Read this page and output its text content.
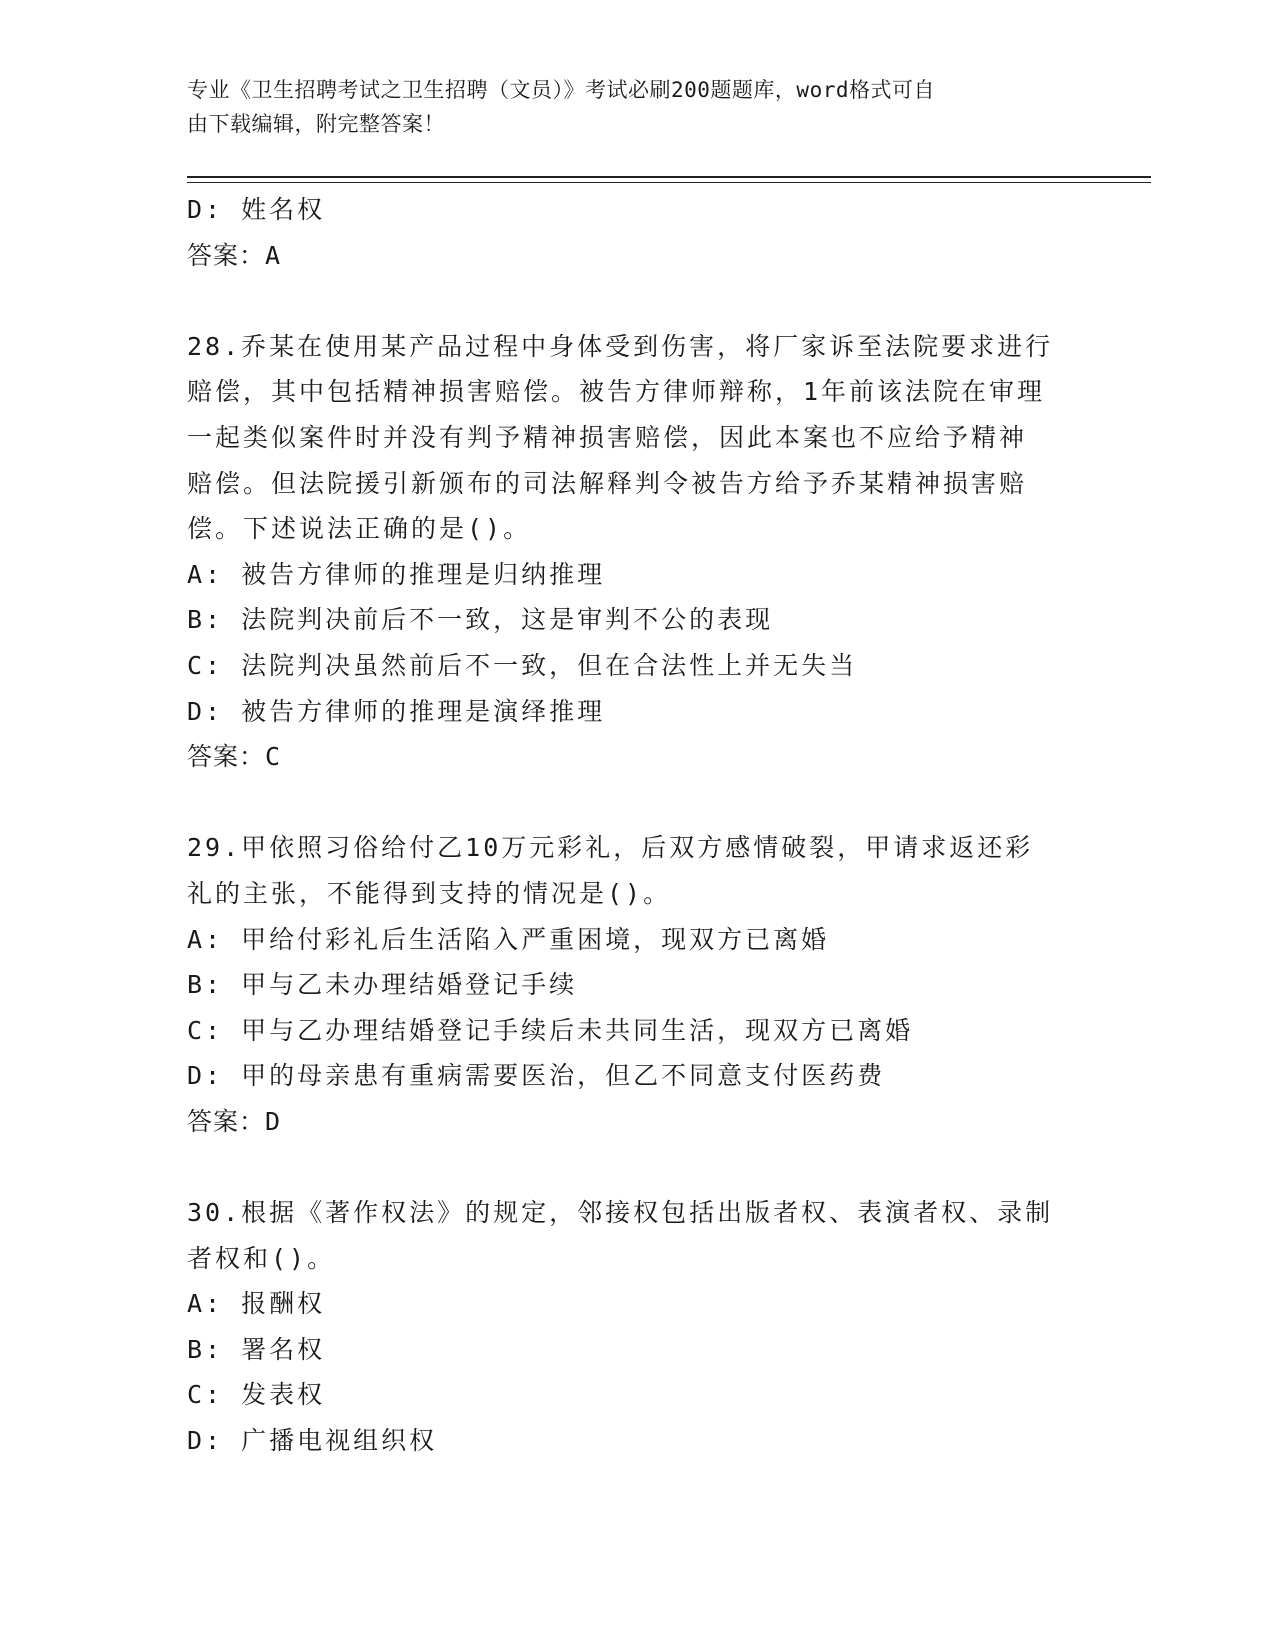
专业《卫生招聘考试之卫生招聘（文员）》考试必刷200题题库，word格式可自
由下载编辑，附完整答案！
D: 姓名权
答案：A
28.乔某在使用某产品过程中身体受到伤害，将厂家诉至法院要求进行
赔偿，其中包括精神损害赔偿。被告方律师辩称，1年前该法院在审理
一起类似案件时并没有判予精神损害赔偿，因此本案也不应给予精神
赔偿。但法院援引新颁布的司法解释判令被告方给予乔某精神损害赔
偿。下述说法正确的是()。
A: 被告方律师的推理是归纳推理
B: 法院判决前后不一致，这是审判不公的表现
C: 法院判决虽然前后不一致，但在合法性上并无失当
D: 被告方律师的推理是演绎推理
答案：C
29.甲依照习俗给付乙10万元彩礼，后双方感情破裂，甲请求返还彩
礼的主张，不能得到支持的情况是()。
A: 甲给付彩礼后生活陷入严重困境，现双方已离婚
B: 甲与乙未办理结婚登记手续
C: 甲与乙办理结婚登记手续后未共同生活，现双方已离婚
D: 甲的母亲患有重病需要医治，但乙不同意支付医药费
答案：D
30.根据《著作权法》的规定，邻接权包括出版者权、表演者权、录制
者权和()。
A: 报酬权
B: 署名权
C: 发表权
D: 广播电视组织权
